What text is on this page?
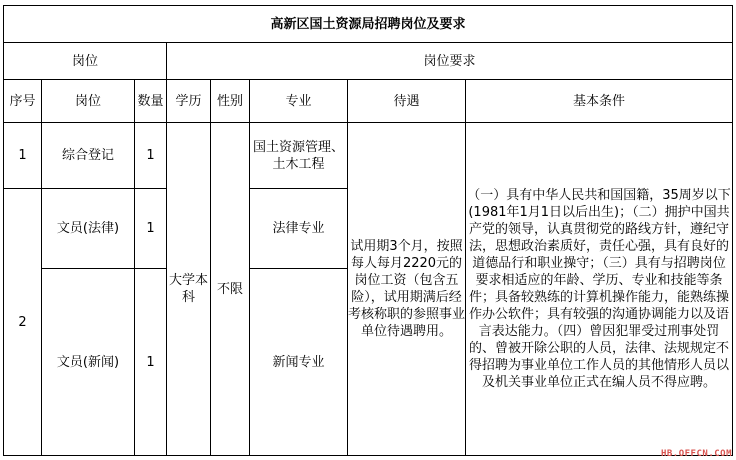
高新区国土资源局招聘岗位及要求							
岗位			岗位要求				
序号	岗位	数量	学历	性别	专业	待遇	基本条件
1	综合登记	1	大学本科	不限	国土资源管理、土木工程	试用期3个月，按照每人每月2220元的岗位工资（包含五险），试用期满后经考核称职的参照事业单位待遇聘用。	（一）具有中华人民共和国国籍，35周岁以下(1981年1月1日以后出生)；（二）拥护中国共产党的领导，认真贯彻党的路线方针，遵纪守法，思想政治素质好，责任心强，具有良好的道德品行和职业操守；（三）具有与招聘岗位要求相适应的年龄、学历、专业和技能等条件；具备较熟练的计算机操作能力，能熟练操作办公软件；具有较强的沟通协调能力以及语言表达能力。（四）曾因犯罪受过刑事处罚的、曾被开除公职的人员，法律、法规规定不得招聘为事业单位工作人员的其他情形人员以及机关事业单位正式在编人员不得应聘。
2	文员(法律)	1			法律专业		
	文员(新闻)	1			新闻专业		
HB.OFFCN.COM
